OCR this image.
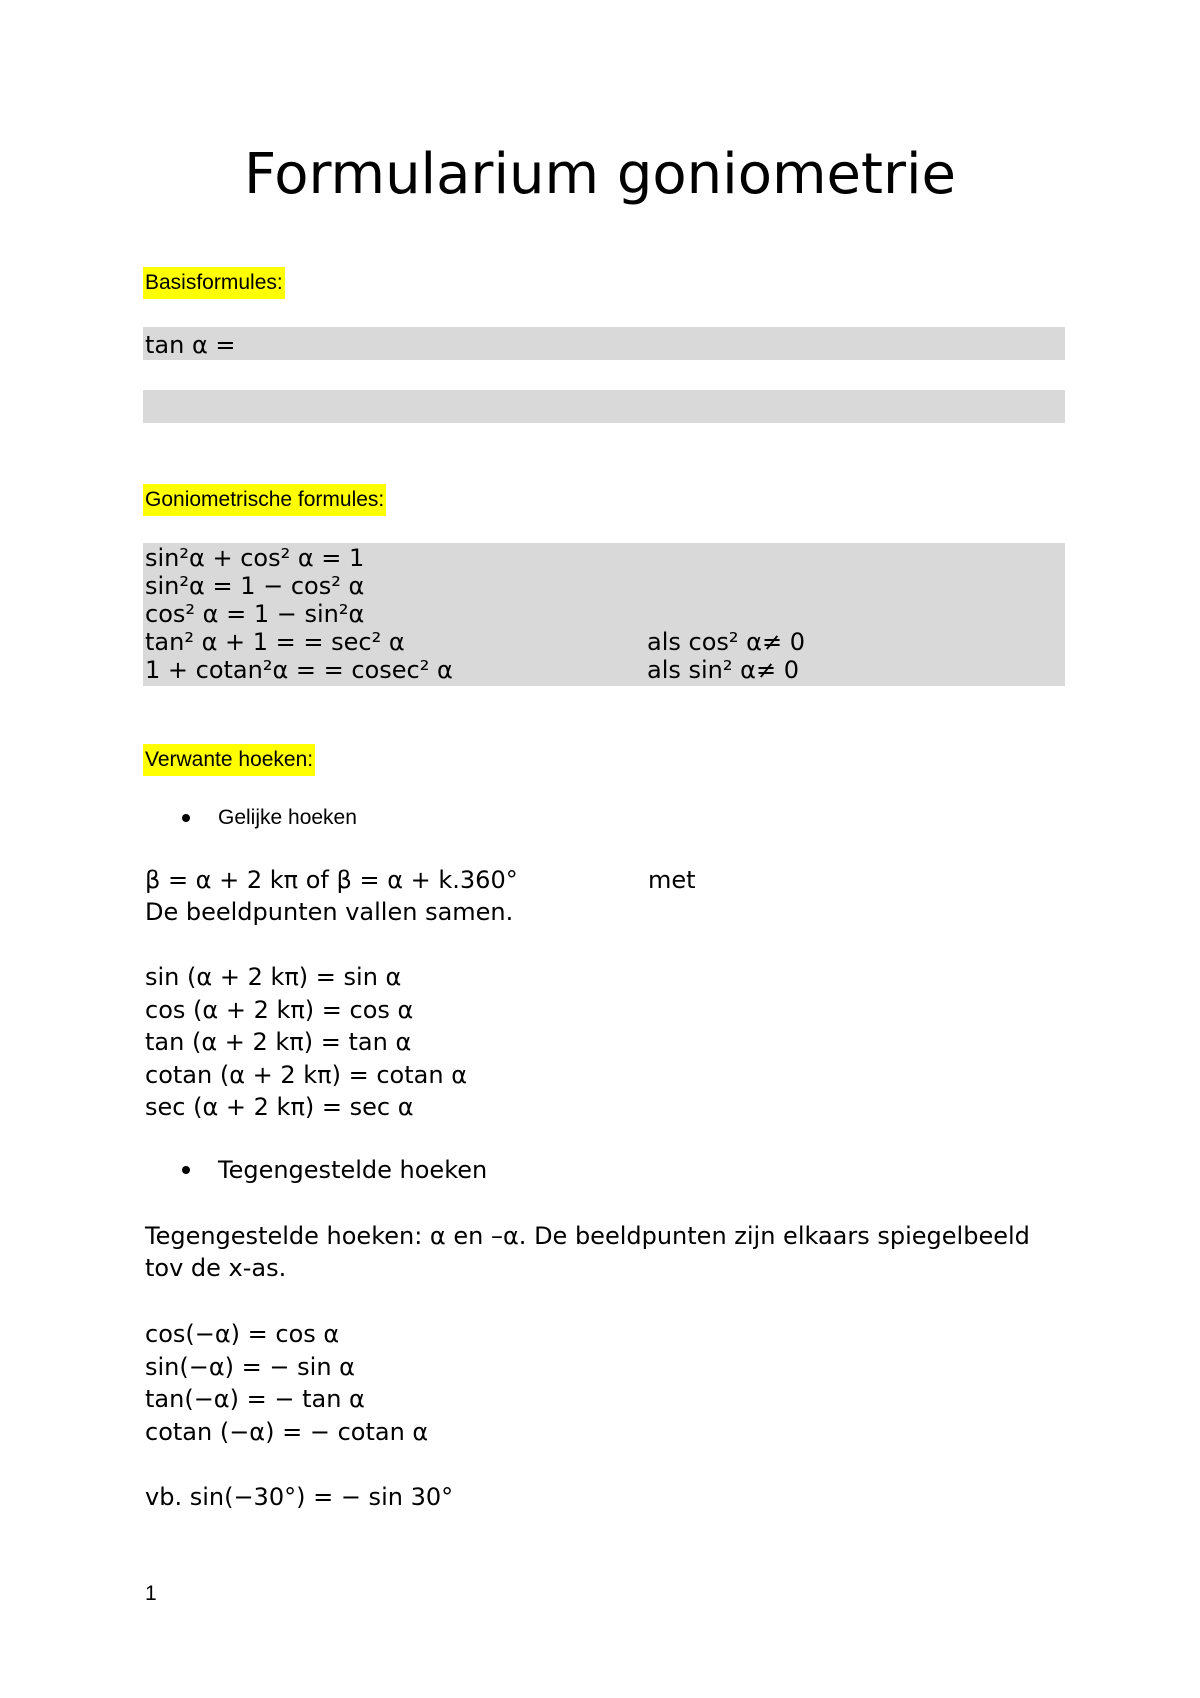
Formularium goniometrie
Basisformules:
tan α =
Goniometrische formules:
sin²α + cos² α = 1
sin²α = 1 − cos² α
cos² α = 1 − sin²α
tan² α + 1 = = sec² α	als cos² α≠ 0
1 + cotan²α = = cosec² α	als sin² α≠ 0
Verwante hoeken:
Gelijke hoeken
β = α + 2 kπ of β = α + k.360°	met
De beeldpunten vallen samen.
sin (α + 2 kπ) = sin α
cos (α + 2 kπ) = cos α
tan (α + 2 kπ) = tan α
cotan (α + 2 kπ) = cotan α
sec (α + 2 kπ) = sec α
Tegengestelde hoeken
Tegengestelde hoeken: α en –α. De beeldpunten zijn elkaars spiegelbeeld
tov de x-as.
cos(−α) = cos α
sin(−α) = − sin α
tan(−α) = − tan α
cotan (−α) = − cotan α
vb. sin(−30°) = − sin 30°
1
